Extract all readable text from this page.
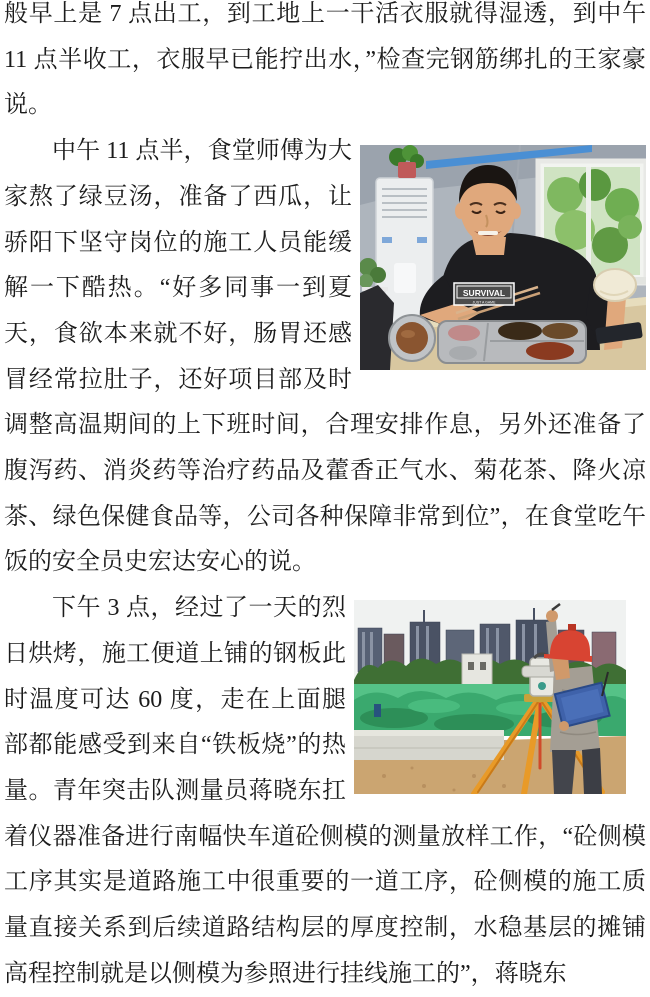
般早上是 7 点出工，到工地上一干活衣服就得湿透，到中午 11 点半收工，衣服早已能拧出水，”检查完钢筋绑扎的王家豪说。

SURVIVAL
JUST A GAME
中午 11 点半，食堂师傅为大家熬了绿豆汤，准备了西瓜，让骄阳下坚守岗位的施工人员能缓解一下酷热。“好多同事一到夏天，食欲本来就不好，肠胃还感冒经常拉肚子，还好项目部及时调整高温期间的上下班时间，合理安排作息，另外还准备了腹泻药、消炎药等治疗药品及藿香正气水、菊花茶、降火凉茶、绿色保健食品等，公司各种保障非常到位”，在食堂吃午饭的安全员史宏达安心的说。

下午 3 点，经过了一天的烈日烘烤，施工便道上铺的钢板此时温度可达 60 度，走在上面腿部都能感受到来自“铁板烧”的热量。青年突击队测量员蒋晓东扛着仪器准备进行南幅快车道砼侧模的测量放样工作，“砼侧模工序其实是道路施工中很重要的一道工序，砼侧模的施工质量直接关系到后续道路结构层的厚度控制，水稳基层的摊铺高程控制就是以侧模为参照进行挂线施工的”，蒋晓东
